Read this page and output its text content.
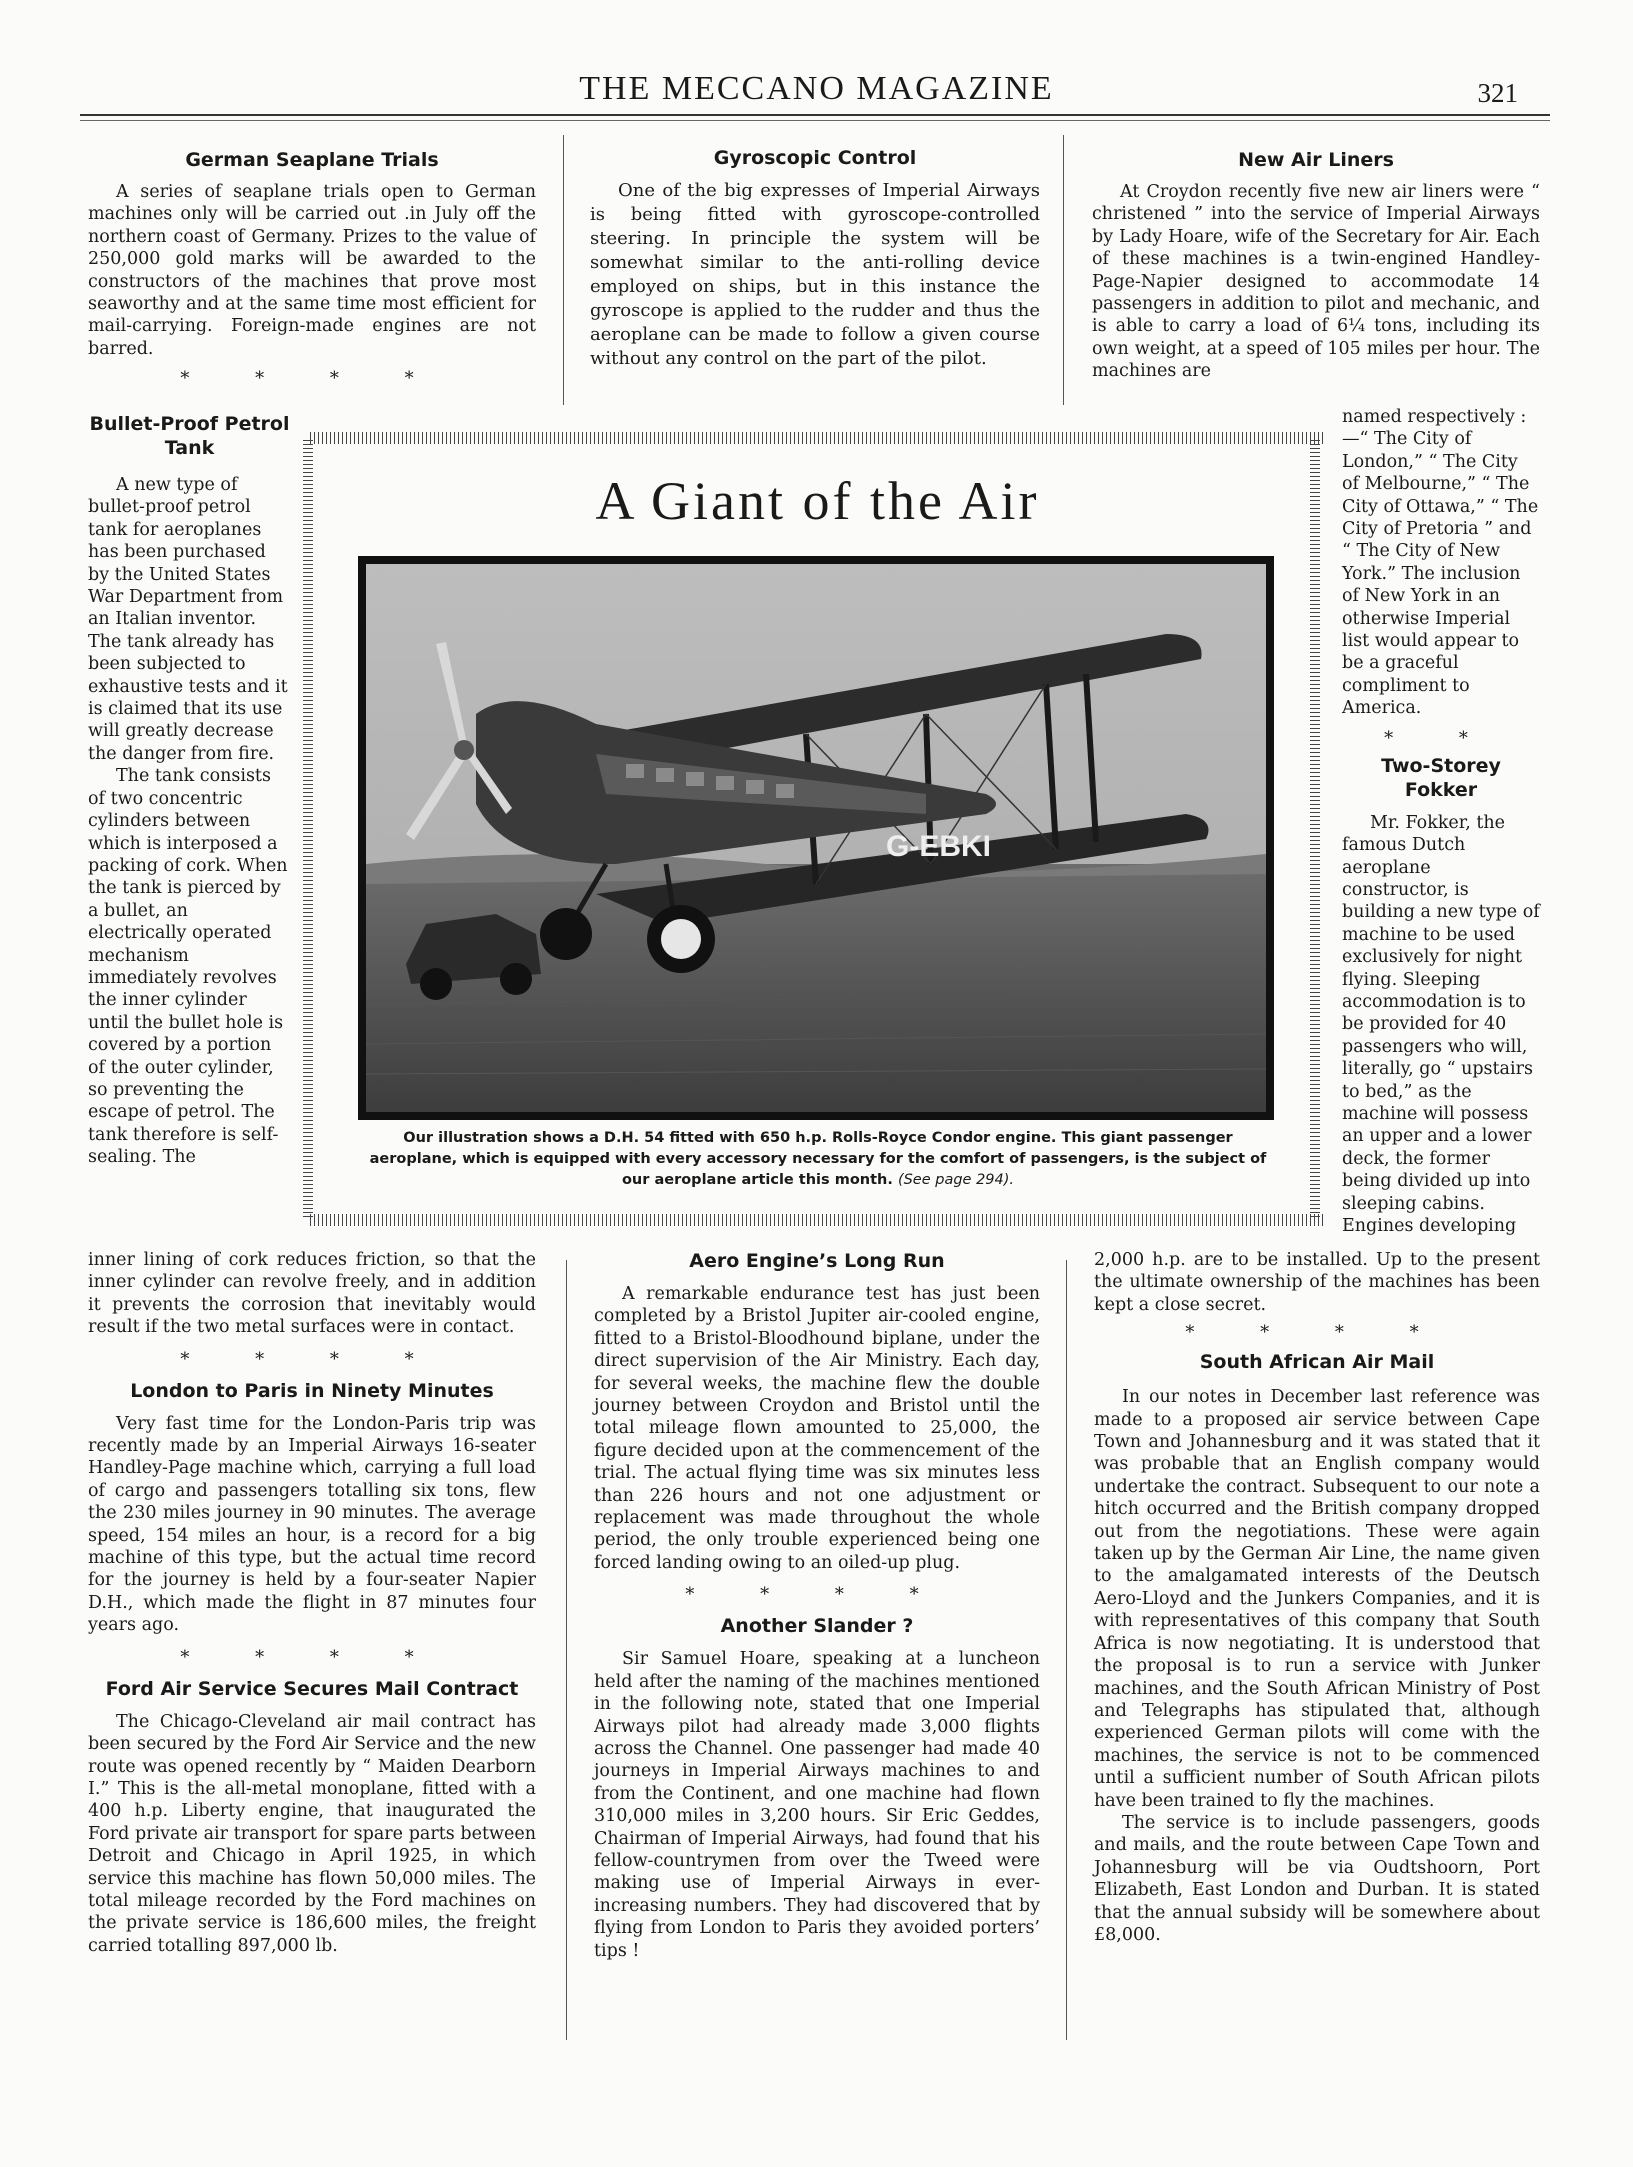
THE MECCANO MAGAZINE	321
German Seaplane Trials

A series of seaplane trials open to German machines only will be carried out .in July off the northern coast of Germany. Prizes to the value of 250,000 gold marks will be awarded to the constructors of the machines that prove most seaworthy and at the same time most efficient for mail-carrying. Foreign-made engines are not barred.

* * * *
Gyroscopic Control

One of the big expresses of Imperial Airways is being fitted with gyroscope-controlled steering. In principle the system will be somewhat similar to the anti-rolling device employed on ships, but in this instance the gyroscope is applied to the rudder and thus the aeroplane can be made to follow a given course without any control on the part of the pilot.

New Air Liners

At Croydon recently five new air liners were “ christened ” into the service of Imperial Airways by Lady Hoare, wife of the Secretary for Air. Each of these machines is a twin-engined Handley-Page-Napier designed to accommodate 14 passengers in addition to pilot and mechanic, and is able to carry a load of 6¼ tons, including its own weight, at a speed of 105 miles per hour. The machines are

Bullet-Proof Petrol
Tank

A new type of bullet-proof petrol tank for aeroplanes has been purchased by the United States War Department from an Italian inventor. The tank already has been subjected to exhaustive tests and it is claimed that its use will greatly decrease the danger from fire.

The tank consists of two concentric cylinders between which is interposed a packing of cork. When the tank is pierced by a bullet, an electrically operated mechanism immediately revolves the inner cylinder until the bullet hole is covered by a portion of the outer cylinder, so preventing the escape of petrol. The tank therefore is self-sealing. The

named respectively :—“ The City of London,” “ The City of Melbourne,” “ The City of Ottawa,” “ The City of Pretoria ” and “ The City of New York.” The inclusion of New York in an otherwise Imperial list would appear to be a graceful compliment to America.

* *
Two-Storey Fokker

Mr. Fokker, the famous Dutch aeroplane constructor, is building a new type of machine to be used exclusively for night flying. Sleeping accommodation is to be provided for 40 passengers who will, literally, go “ upstairs to bed,” as the machine will possess an upper and a lower deck, the former being divided up into sleeping cabins. Engines developing

A Giant of the Air
G-EBKI
Our illustration shows a D.H. 54 fitted with 650 h.p. Rolls-Royce Condor engine. This giant passenger aeroplane, which is equipped with every accessory necessary for the comfort of passengers, is the subject of our aeroplane article this month. (See page 294).

inner lining of cork reduces friction, so that the inner cylinder can revolve freely, and in addition it prevents the corrosion that inevitably would result if the two metal surfaces were in contact.

* * * *
London to Paris in Ninety Minutes

Very fast time for the London-Paris trip was recently made by an Imperial Airways 16-seater Handley-Page machine which, carrying a full load of cargo and passengers totalling six tons, flew the 230 miles journey in 90 minutes. The average speed, 154 miles an hour, is a record for a big machine of this type, but the actual time record for the journey is held by a four-seater Napier D.H., which made the flight in 87 minutes four years ago.

* * * *
Ford Air Service Secures Mail Contract

The Chicago-Cleveland air mail contract has been secured by the Ford Air Service and the new route was opened recently by “ Maiden Dearborn I.” This is the all-metal monoplane, fitted with a 400 h.p. Liberty engine, that inaugurated the Ford private air transport for spare parts between Detroit and Chicago in April 1925, in which service this machine has flown 50,000 miles. The total mileage recorded by the Ford machines on the private service is 186,600 miles, the freight carried totalling 897,000 lb.

Aero Engine’s Long Run

A remarkable endurance test has just been completed by a Bristol Jupiter air-cooled engine, fitted to a Bristol-Bloodhound biplane, under the direct supervision of the Air Ministry. Each day, for several weeks, the machine flew the double journey between Croydon and Bristol until the total mileage flown amounted to 25,000, the figure decided upon at the commencement of the trial. The actual flying time was six minutes less than 226 hours and not one adjustment or replacement was made throughout the whole period, the only trouble experienced being one forced landing owing to an oiled-up plug.

* * * *
Another Slander ?

Sir Samuel Hoare, speaking at a luncheon held after the naming of the machines mentioned in the following note, stated that one Imperial Airways pilot had already made 3,000 flights across the Channel. One passenger had made 40 journeys in Imperial Airways machines to and from the Continent, and one machine had flown 310,000 miles in 3,200 hours. Sir Eric Geddes, Chairman of Imperial Airways, had found that his fellow-countrymen from over the Tweed were making use of Imperial Airways in ever-increasing numbers. They had discovered that by flying from London to Paris they avoided porters’ tips !

2,000 h.p. are to be installed. Up to the present the ultimate ownership of the machines has been kept a close secret.

* * * *
South African Air Mail

In our notes in December last reference was made to a proposed air service between Cape Town and Johannesburg and it was stated that it was probable that an English company would undertake the contract. Subsequent to our note a hitch occurred and the British company dropped out from the negotiations. These were again taken up by the German Air Line, the name given to the amalgamated interests of the Deutsch Aero-Lloyd and the Junkers Companies, and it is with representatives of this company that South Africa is now negotiating. It is understood that the proposal is to run a service with Junker machines, and the South African Ministry of Post and Telegraphs has stipulated that, although experienced German pilots will come with the machines, the service is not to be commenced until a sufficient number of South African pilots have been trained to fly the machines.

The service is to include passengers, goods and mails, and the route between Cape Town and Johannesburg will be via Oudtshoorn, Port Elizabeth, East London and Durban. It is stated that the annual subsidy will be somewhere about £8,000.
